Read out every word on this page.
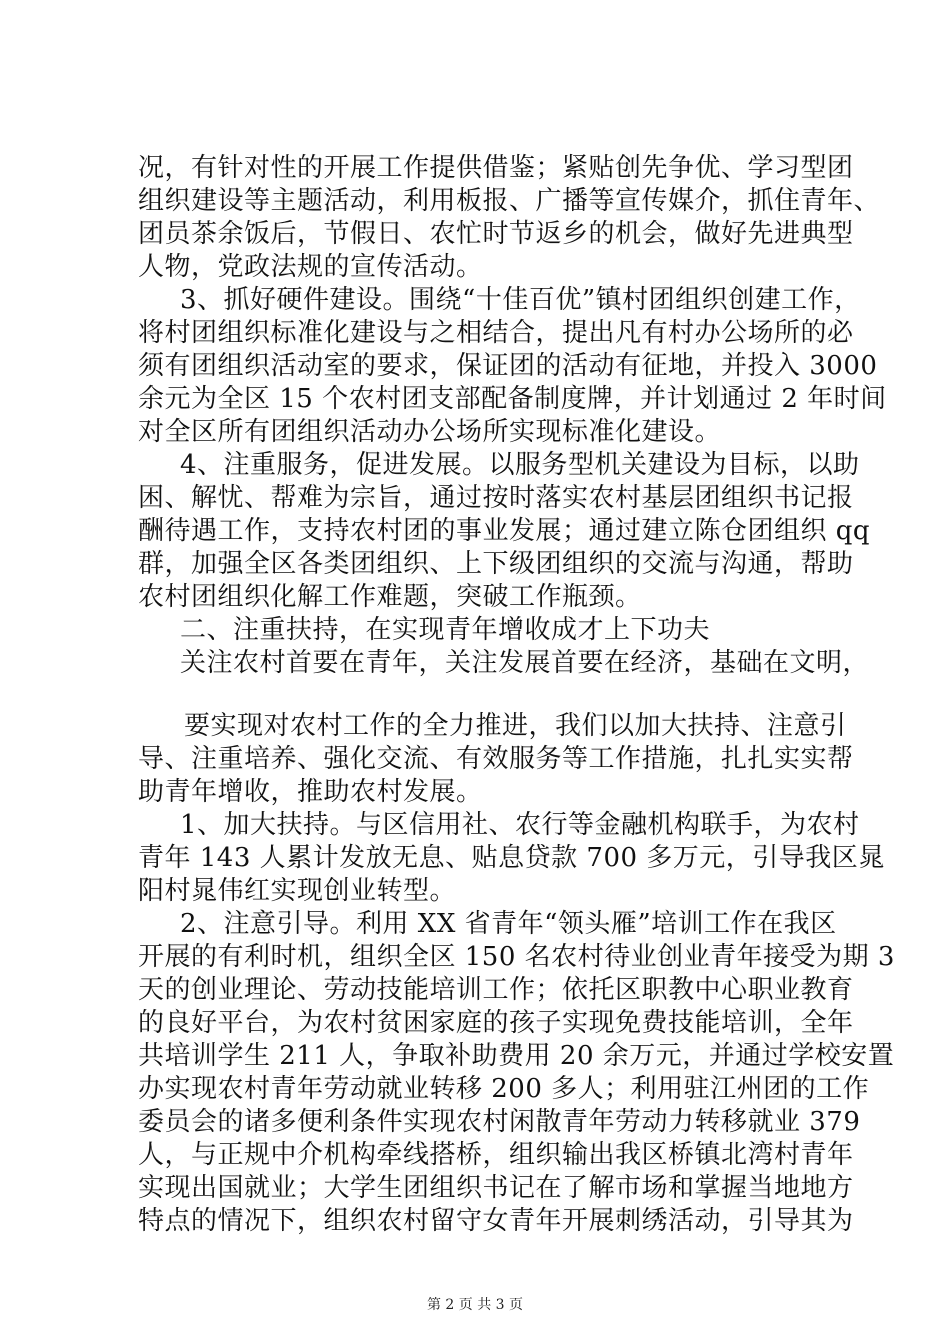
况，有针对性的开展工作提供借鉴；紧贴创先争优、学习型团
组织建设等主题活动，利用板报、广播等宣传媒介，抓住青年、
团员茶余饭后，节假日、农忙时节返乡的机会，做好先进典型
人物，党政法规的宣传活动。
3、抓好硬件建设。围绕“十佳百优”镇村团组织创建工作，
将村团组织标准化建设与之相结合，提出凡有村办公场所的必
须有团组织活动室的要求，保证团的活动有征地，并投入 3000
余元为全区 15 个农村团支部配备制度牌，并计划通过 2 年时间
对全区所有团组织活动办公场所实现标准化建设。
4、注重服务，促进发展。以服务型机关建设为目标，以助
困、解忧、帮难为宗旨，通过按时落实农村基层团组织书记报
酬待遇工作，支持农村团的事业发展；通过建立陈仓团组织 qq
群，加强全区各类团组织、上下级团组织的交流与沟通，帮助
农村团组织化解工作难题，突破工作瓶颈。
二、注重扶持，在实现青年增收成才上下功夫
关注农村首要在青年，关注发展首要在经济，基础在文明，
要实现对农村工作的全力推进，我们以加大扶持、注意引
导、注重培养、强化交流、有效服务等工作措施，扎扎实实帮
助青年增收，推助农村发展。
1、加大扶持。与区信用社、农行等金融机构联手，为农村
青年 143 人累计发放无息、贴息贷款 700 多万元，引导我区晁
阳村晁伟红实现创业转型。
2、注意引导。利用 XX 省青年“领头雁”培训工作在我区
开展的有利时机，组织全区 150 名农村待业创业青年接受为期 3
天的创业理论、劳动技能培训工作；依托区职教中心职业教育
的良好平台，为农村贫困家庭的孩子实现免费技能培训，全年
共培训学生 211 人，争取补助费用 20 余万元，并通过学校安置
办实现农村青年劳动就业转移 200 多人；利用驻江州团的工作
委员会的诸多便利条件实现农村闲散青年劳动力转移就业 379
人，与正规中介机构牵线搭桥，组织输出我区桥镇北湾村青年
实现出国就业；大学生团组织书记在了解市场和掌握当地地方
特点的情况下，组织农村留守女青年开展刺绣活动，引导其为
第 2 页 共 3 页
